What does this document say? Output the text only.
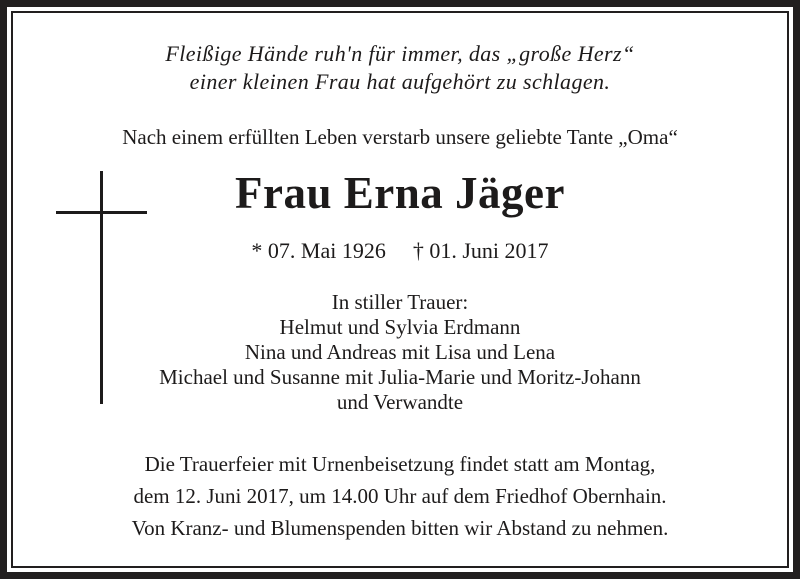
Fleißige Hände ruh'n für immer, das „große Herz“
einer kleinen Frau hat aufgehört zu schlagen.
Nach einem erfüllten Leben verstarb unsere geliebte Tante „Oma“
Frau Erna Jäger
* 07. Mai 1926 † 01. Juni 2017
In stiller Trauer:
Helmut und Sylvia Erdmann
Nina und Andreas mit Lisa und Lena
Michael und Susanne mit Julia-Marie und Moritz-Johann
und Verwandte
Die Trauerfeier mit Urnenbeisetzung findet statt am Montag,
dem 12. Juni 2017, um 14.00 Uhr auf dem Friedhof Obernhain.
Von Kranz- und Blumenspenden bitten wir Abstand zu nehmen.
